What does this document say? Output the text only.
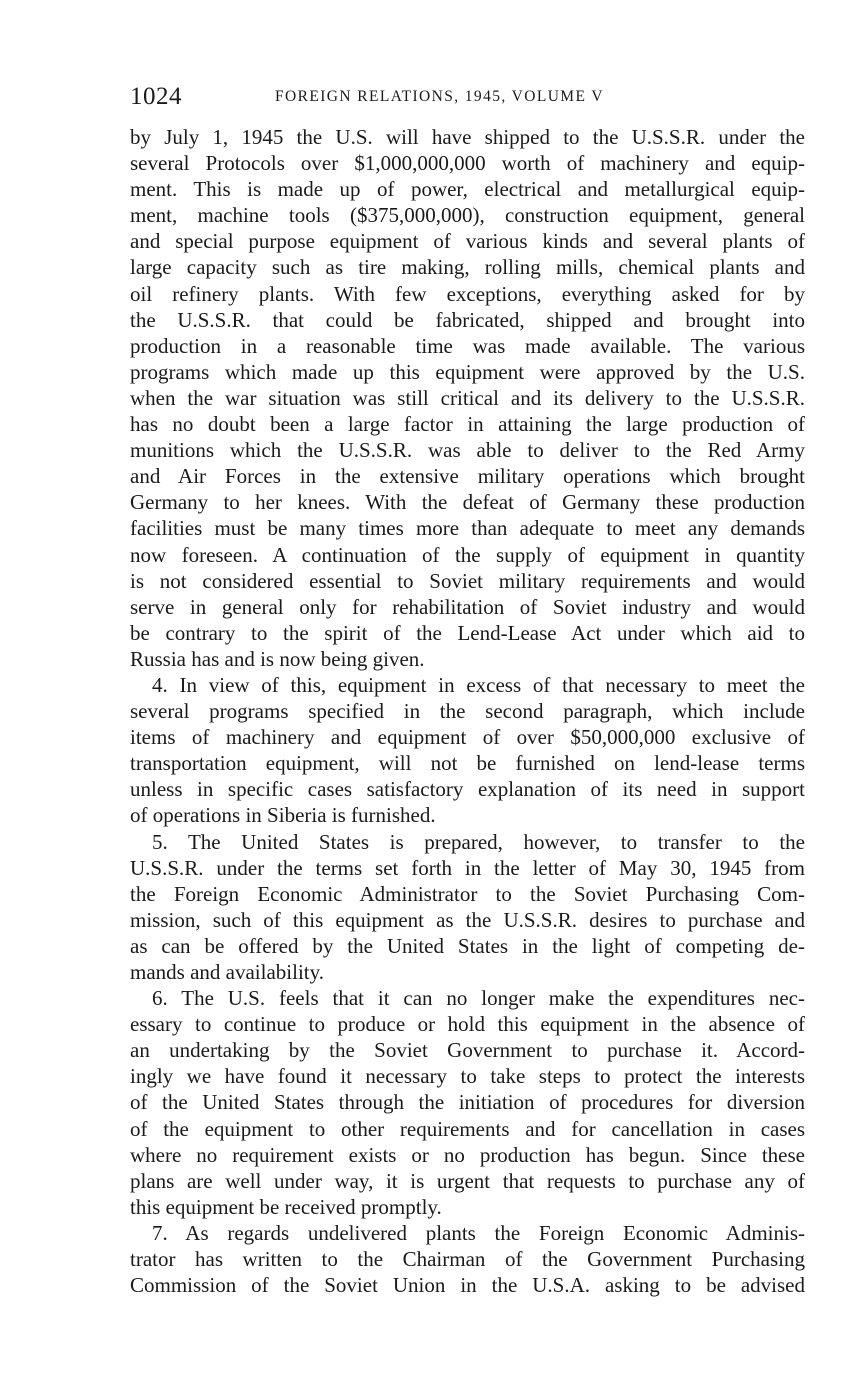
1024	FOREIGN RELATIONS, 1945, VOLUME V
by July 1, 1945 the U.S. will have shipped to the U.S.S.R. under the
several Protocols over $1,000,000,000 worth of machinery and equip-
ment. This is made up of power, electrical and metallurgical equip-
ment, machine tools ($375,000,000), construction equipment, general
and special purpose equipment of various kinds and several plants of
large capacity such as tire making, rolling mills, chemical plants and
oil refinery plants. With few exceptions, everything asked for by
the U.S.S.R. that could be fabricated, shipped and brought into
production in a reasonable time was made available. The various
programs which made up this equipment were approved by the U.S.
when the war situation was still critical and its delivery to the U.S.S.R.
has no doubt been a large factor in attaining the large production of
munitions which the U.S.S.R. was able to deliver to the Red Army
and Air Forces in the extensive military operations which brought
Germany to her knees. With the defeat of Germany these production
facilities must be many times more than adequate to meet any demands
now foreseen. A continuation of the supply of equipment in quantity
is not considered essential to Soviet military requirements and would
serve in general only for rehabilitation of Soviet industry and would
be contrary to the spirit of the Lend-Lease Act under which aid to
Russia has and is now being given.
4. In view of this, equipment in excess of that necessary to meet the
several programs specified in the second paragraph, which include
items of machinery and equipment of over $50,000,000 exclusive of
transportation equipment, will not be furnished on lend-lease terms
unless in specific cases satisfactory explanation of its need in support
of operations in Siberia is furnished.
5. The United States is prepared, however, to transfer to the
U.S.S.R. under the terms set forth in the letter of May 30, 1945 from
the Foreign Economic Administrator to the Soviet Purchasing Com-
mission, such of this equipment as the U.S.S.R. desires to purchase and
as can be offered by the United States in the light of competing de-
mands and availability.
6. The U.S. feels that it can no longer make the expenditures nec-
essary to continue to produce or hold this equipment in the absence of
an undertaking by the Soviet Government to purchase it. Accord-
ingly we have found it necessary to take steps to protect the interests
of the United States through the initiation of procedures for diversion
of the equipment to other requirements and for cancellation in cases
where no requirement exists or no production has begun. Since these
plans are well under way, it is urgent that requests to purchase any of
this equipment be received promptly.
7. As regards undelivered plants the Foreign Economic Adminis-
trator has written to the Chairman of the Government Purchasing
Commission of the Soviet Union in the U.S.A. asking to be advised
